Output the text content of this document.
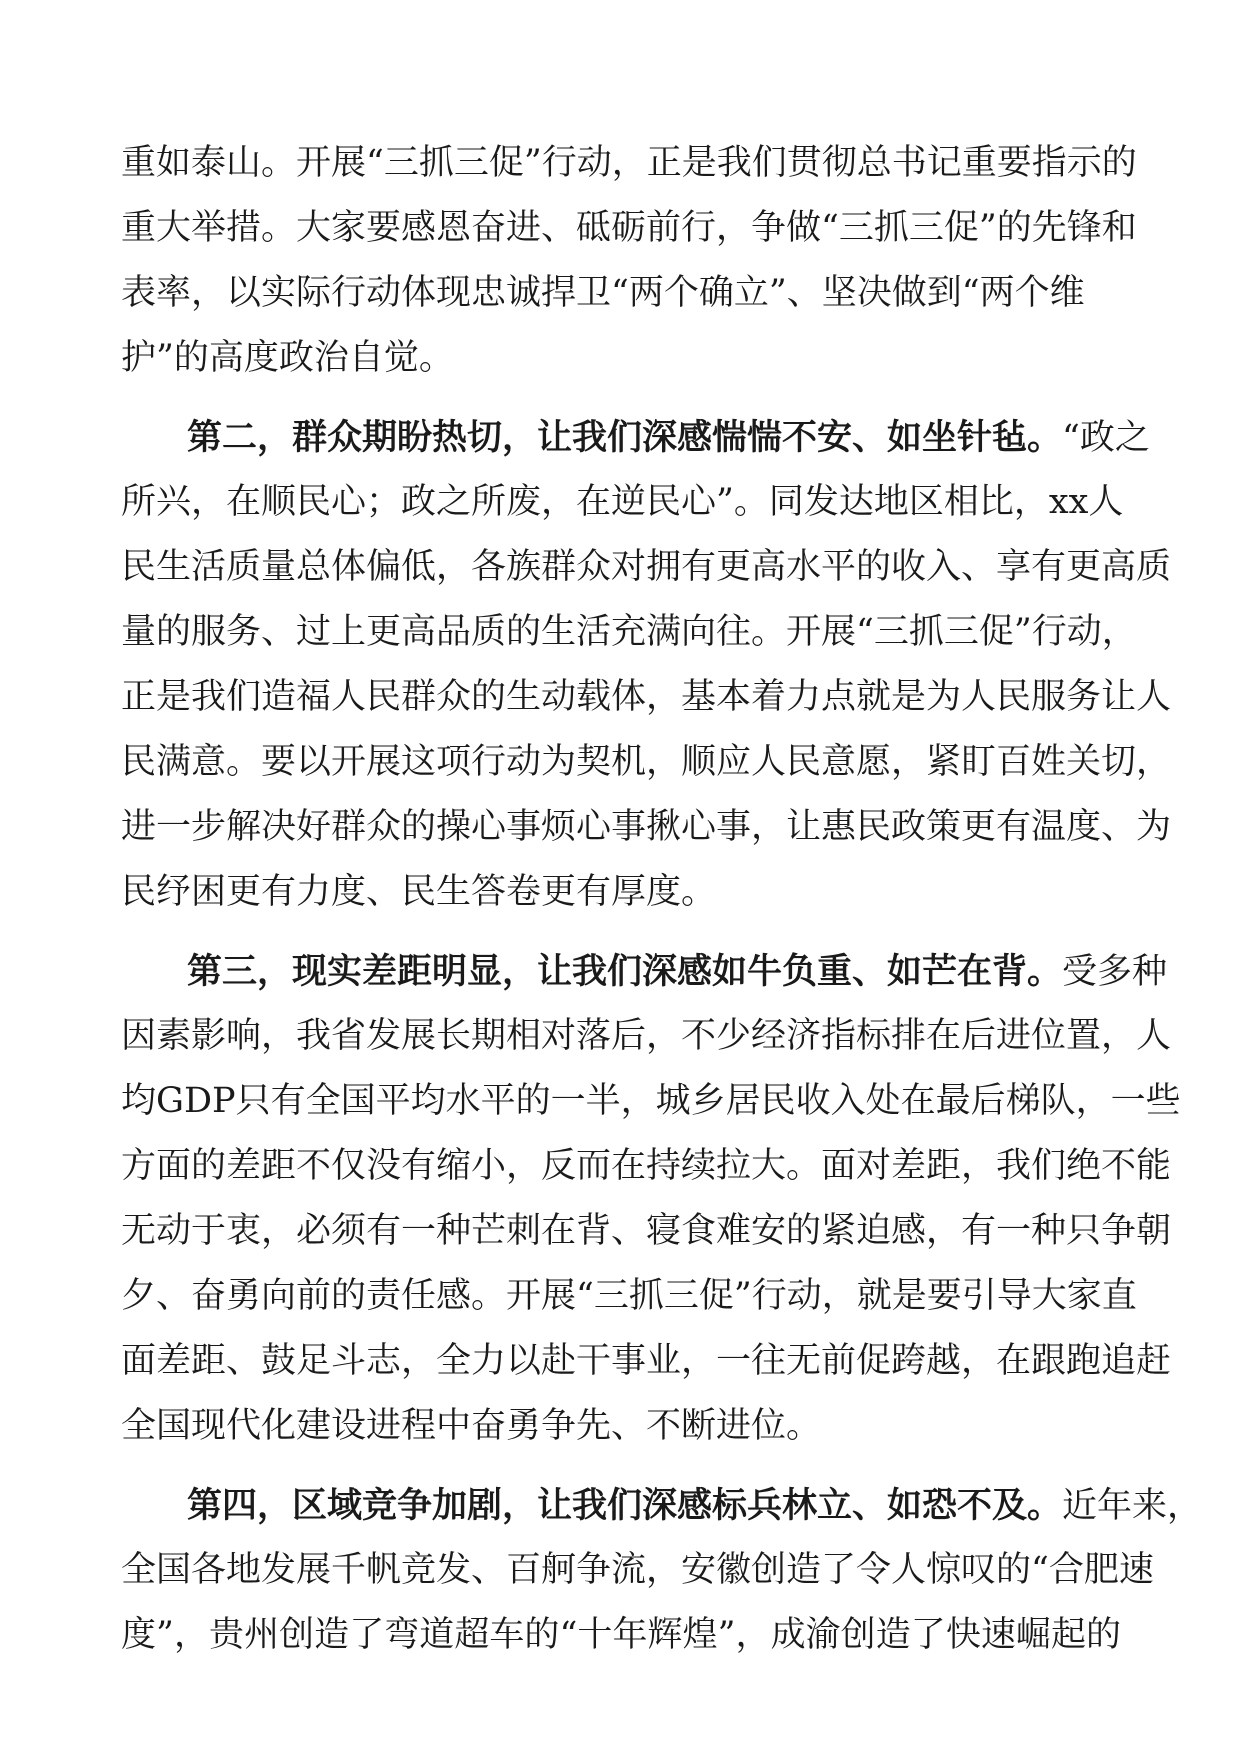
重如泰山。开展“三抓三促”行动，正是我们贯彻总书记重要指示的

重大举措。大家要感恩奋进、砥砺前行，争做“三抓三促”的先锋和

表率，以实际行动体现忠诚捍卫“两个确立”、坚决做到“两个维

护”的高度政治自觉。

第二，群众期盼热切，让我们深感惴惴不安、如坐针毡。“政之

所兴，在顺民心；政之所废，在逆民心”。同发达地区相比，xx人

民生活质量总体偏低，各族群众对拥有更高水平的收入、享有更高质

量的服务、过上更高品质的生活充满向往。开展“三抓三促”行动，

正是我们造福人民群众的生动载体，基本着力点就是为人民服务让人

民满意。要以开展这项行动为契机，顺应人民意愿，紧盯百姓关切，

进一步解决好群众的操心事烦心事揪心事，让惠民政策更有温度、为

民纾困更有力度、民生答卷更有厚度。

第三，现实差距明显，让我们深感如牛负重、如芒在背。受多种

因素影响，我省发展长期相对落后，不少经济指标排在后进位置，人

均GDP只有全国平均水平的一半，城乡居民收入处在最后梯队，一些

方面的差距不仅没有缩小，反而在持续拉大。面对差距，我们绝不能

无动于衷，必须有一种芒刺在背、寝食难安的紧迫感，有一种只争朝

夕、奋勇向前的责任感。开展“三抓三促”行动，就是要引导大家直

面差距、鼓足斗志，全力以赴干事业，一往无前促跨越，在跟跑追赶

全国现代化建设进程中奋勇争先、不断进位。

第四，区域竞争加剧，让我们深感标兵林立、如恐不及。近年来，

全国各地发展千帆竞发、百舸争流，安徽创造了令人惊叹的“合肥速

度”，贵州创造了弯道超车的“十年辉煌”，成渝创造了快速崛起的
